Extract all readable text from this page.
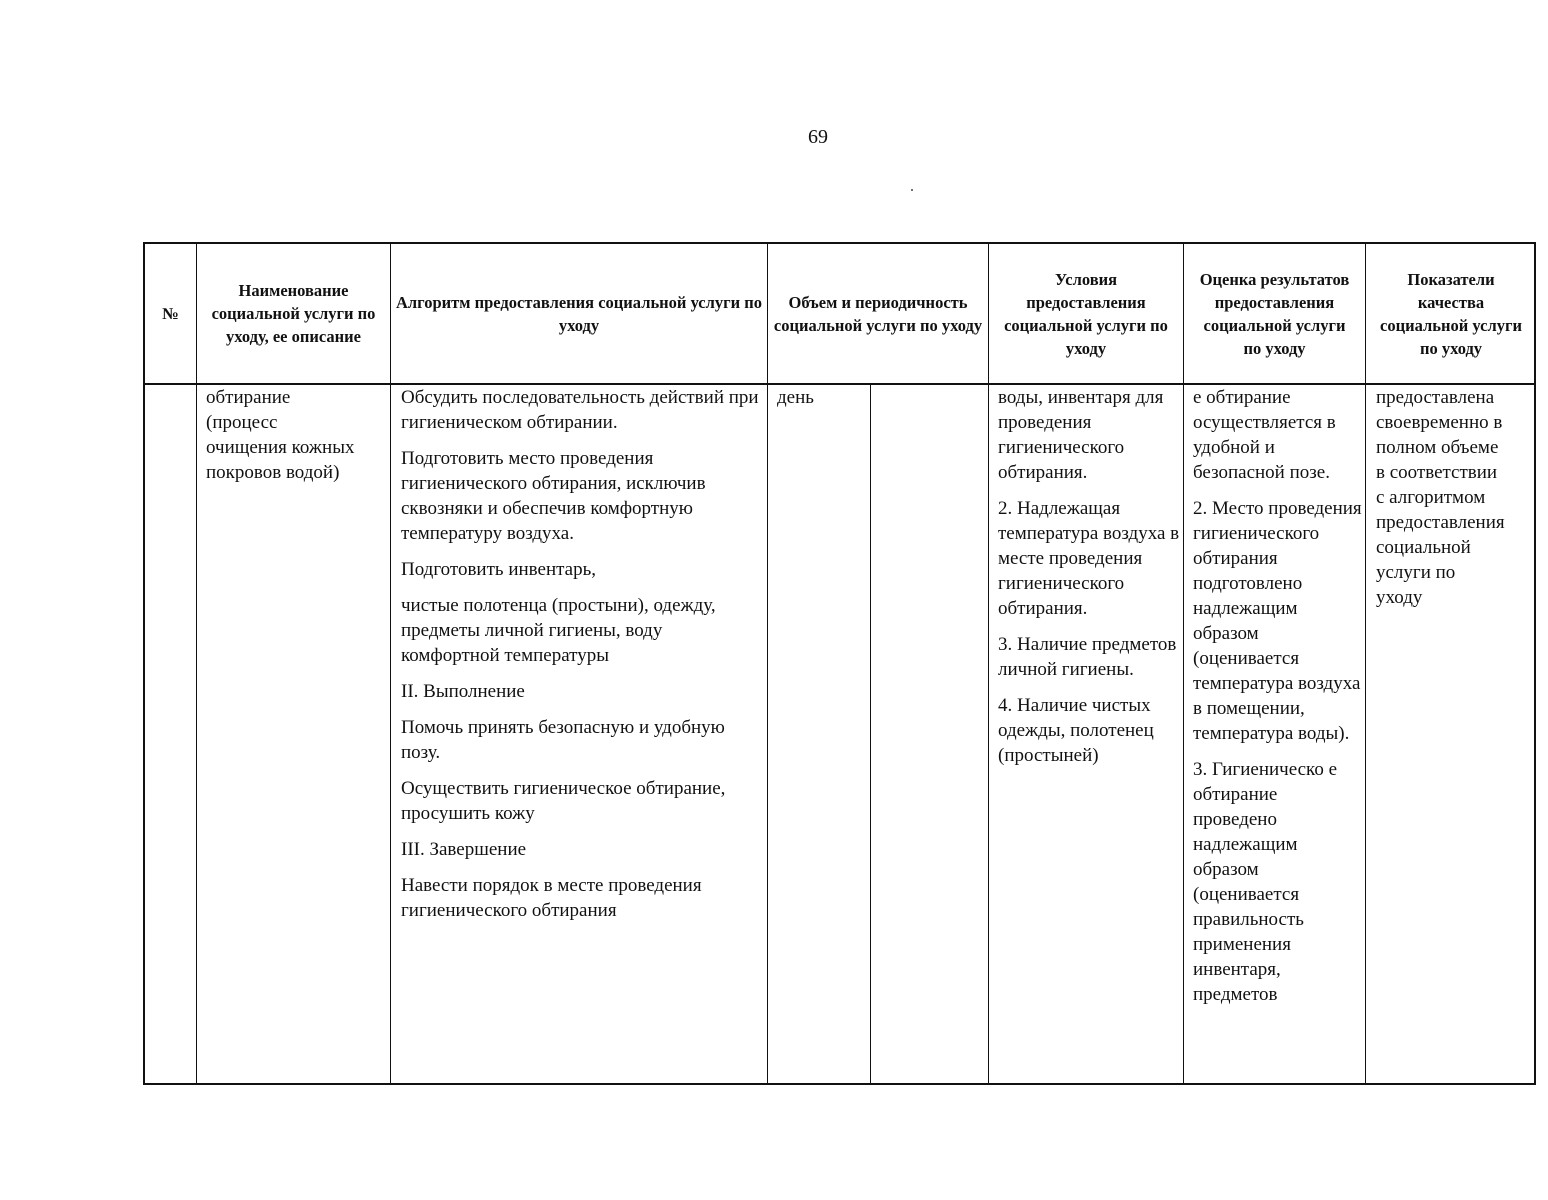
69
№
Наименование социальной услуги по уходу, ее описание
Алгоритм предоставления социальной услуги по уходу
Объем и периодичность социальной услуги по уходу
Условия предоставления социальной услуги по уходу
Оценка результатов предоставления социальной услуги по уходу
Показатели качества социальной услуги по уходу
обтирание
(процесс
очищения кожных
покровов водой)

Обсудить последовательность действий при гигиеническом обтирании.

Подготовить место проведения гигиенического обтирания, исключив сквозняки и обеспечив комфортную температуру воздуха.

Подготовить инвентарь,

чистые полотенца (простыни), одежду, предметы личной гигиены, воду комфортной температуры

II. Выполнение

Помочь принять безопасную и удобную позу.

Осуществить гигиеническое обтирание, просушить кожу

III. Завершение

Навести порядок в месте проведения гигиенического обтирания

день	воды, инвентаря для проведения гигиенического обтирания.

2. Надлежащая температура воздуха в месте проведения гигиенического обтирания.

3. Наличие предметов личной гигиены.

4. Наличие чистых одежды, полотенец (простыней)

е обтирание осуществляется в удобной и безопасной позе.

2. Место проведения гигиенического обтирания подготовлено надлежащим образом (оценивается температура воздуха в помещении, температура воды).

3. Гигиеническо е обтирание проведено надлежащим образом (оценивается правильность применения инвентаря, предметов

предоставлена
своевременно в
полном объеме
в соответствии
с алгоритмом
предоставления
социальной
услуги по
уходу
